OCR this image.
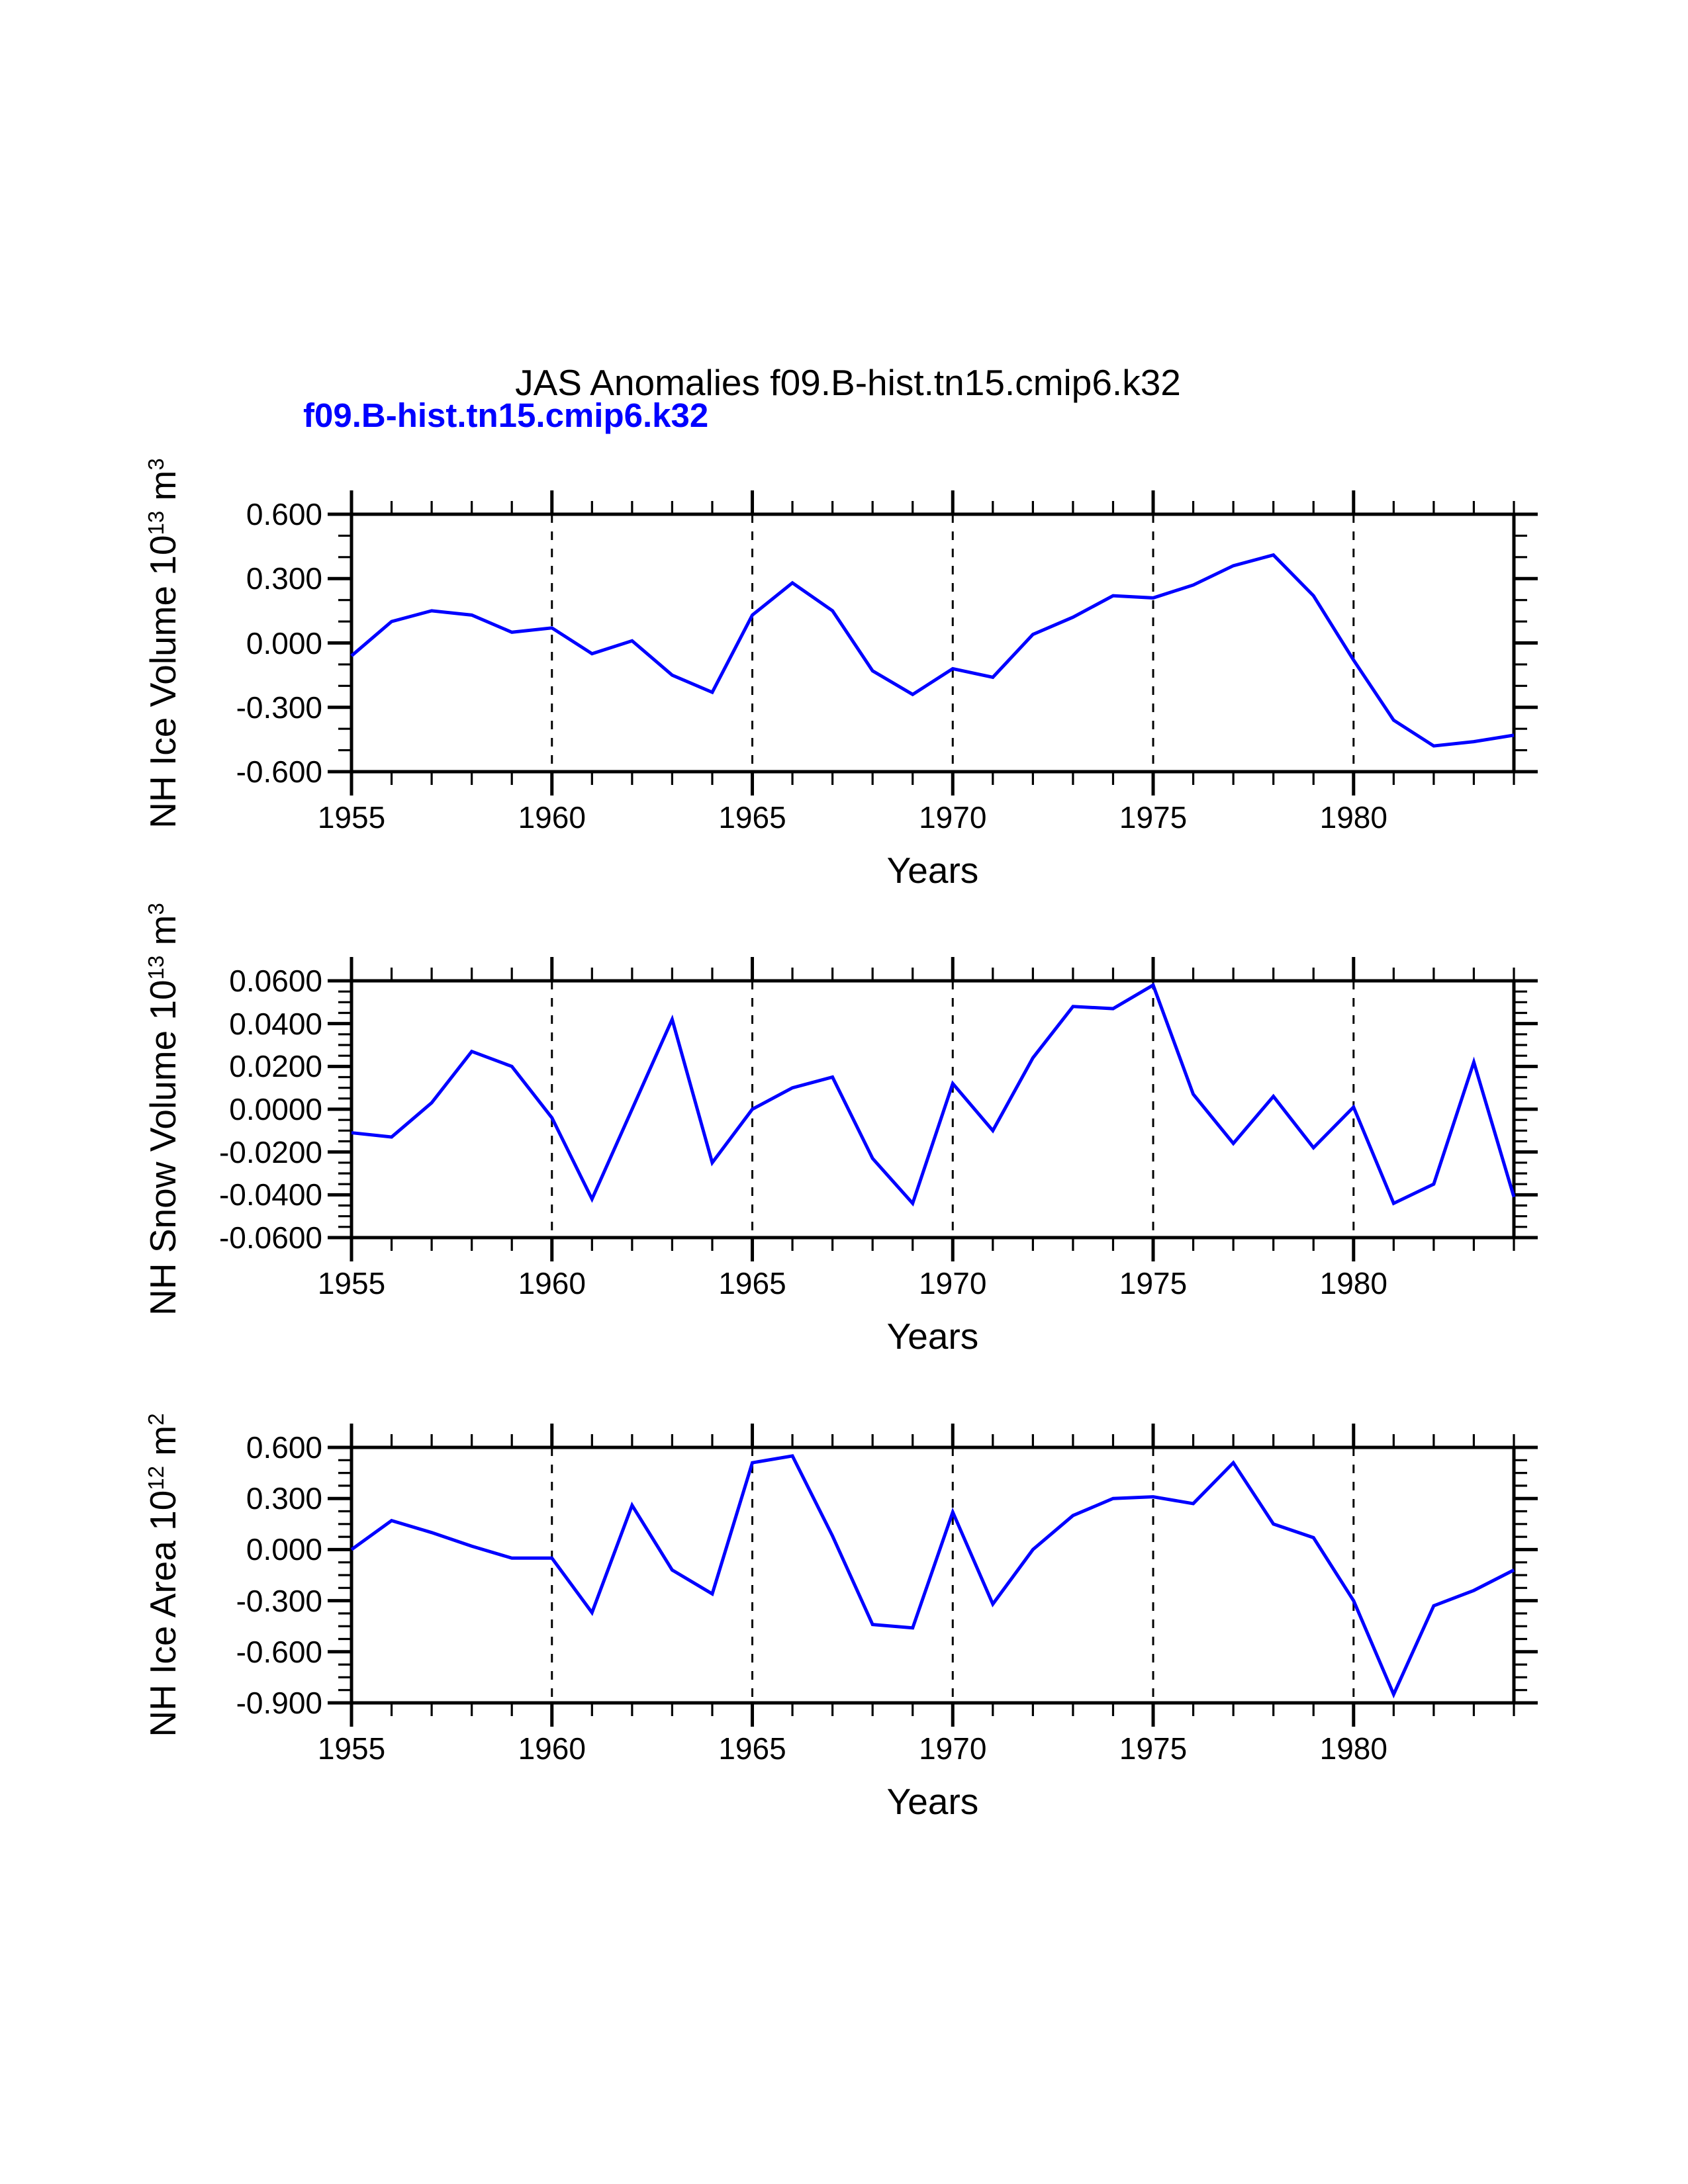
JAS Anomalies f09.B-hist.tn15.cmip6.k32
f09.B-hist.tn15.cmip6.k32
0.600
0.300
0.000
-0.300
-0.600
1955	1960	1965	1970	1975	1980
Years
NH Ice Volume $10^{13}$ $m^3$
0.0600
0.0400
0.0200
0.0000
-0.0200
-0.0400
-0.0600
1955	1960	1965	1970	1975	1980
Years
NH Snow Volume $10^{13}$ $m^3$
0.600
0.300
0.000
-0.300
-0.600
-0.900
1955	1960	1965	1970	1975	1980
Years
NH Ice Area $10^{12}$ $m^2$
